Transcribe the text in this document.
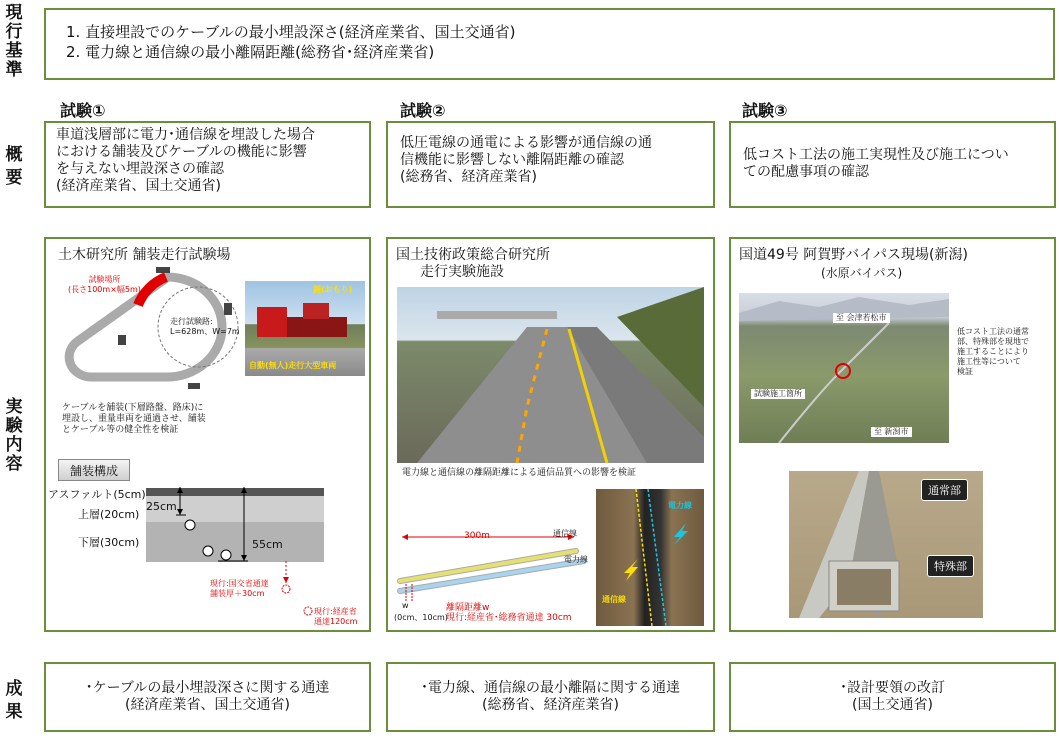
現
行
基
準
概
要
実
験
内
容
成
果
1. 直接埋設でのケーブルの最小埋設深さ(経済産業省、国土交通省)
2. 電力線と通信線の最小離隔距離(総務省･経済産業省)
試験①	試験②	試験③
車道浅層部に電力･通信線を埋設した場合
における舗装及びケーブルの機能に影響
を与えない埋設深さの確認
(経済産業省、国土交通省)
低圧電線の通電による影響が通信線の通
信機能に影響しない離隔距離の確認
(総務省、経済産業省)
低コスト工法の施工実現性及び施工につい
ての配慮事項の確認
土木研究所 舗装走行試験場
試験場所
(長さ100m×幅5m)
走行試験路:
L=628m、W=7m
錘(おもり)
自動(無人)走行大型車両
ケーブルを舗装(下層路盤、路床)に
埋設し、重量車両を通過させ、舗装
とケーブル等の健全性を検証
舗装構成
アスファルト(5cm)
上層(20cm)
下層(30cm)
25cm
55cm
現行:国交省通達
舗装厚＋30cm
現行:経産省
通達120cm
国土技術政策総合研究所
走行実験施設
電力線と通信線の離隔距離による通信品質への影響を検証
300m	通信線
電力線
w
(0cm、10cm)
離隔距離w
現行:経産省･総務省通達 30cm
電力線
通信線
国道49号 阿賀野バイパス現場(新潟)
(水原バイパス)
至 会津若松市
試験施工箇所
至 新潟市
低コスト工法の通常
部、特殊部を現地で
施工することにより
施工性等について
検証
通常部
特殊部
･ケーブルの最小埋設深さに関する通達
(経済産業省、国土交通省)
･電力線、通信線の最小離隔に関する通達
(総務省、経済産業省)
･設計要領の改訂
(国土交通省)
